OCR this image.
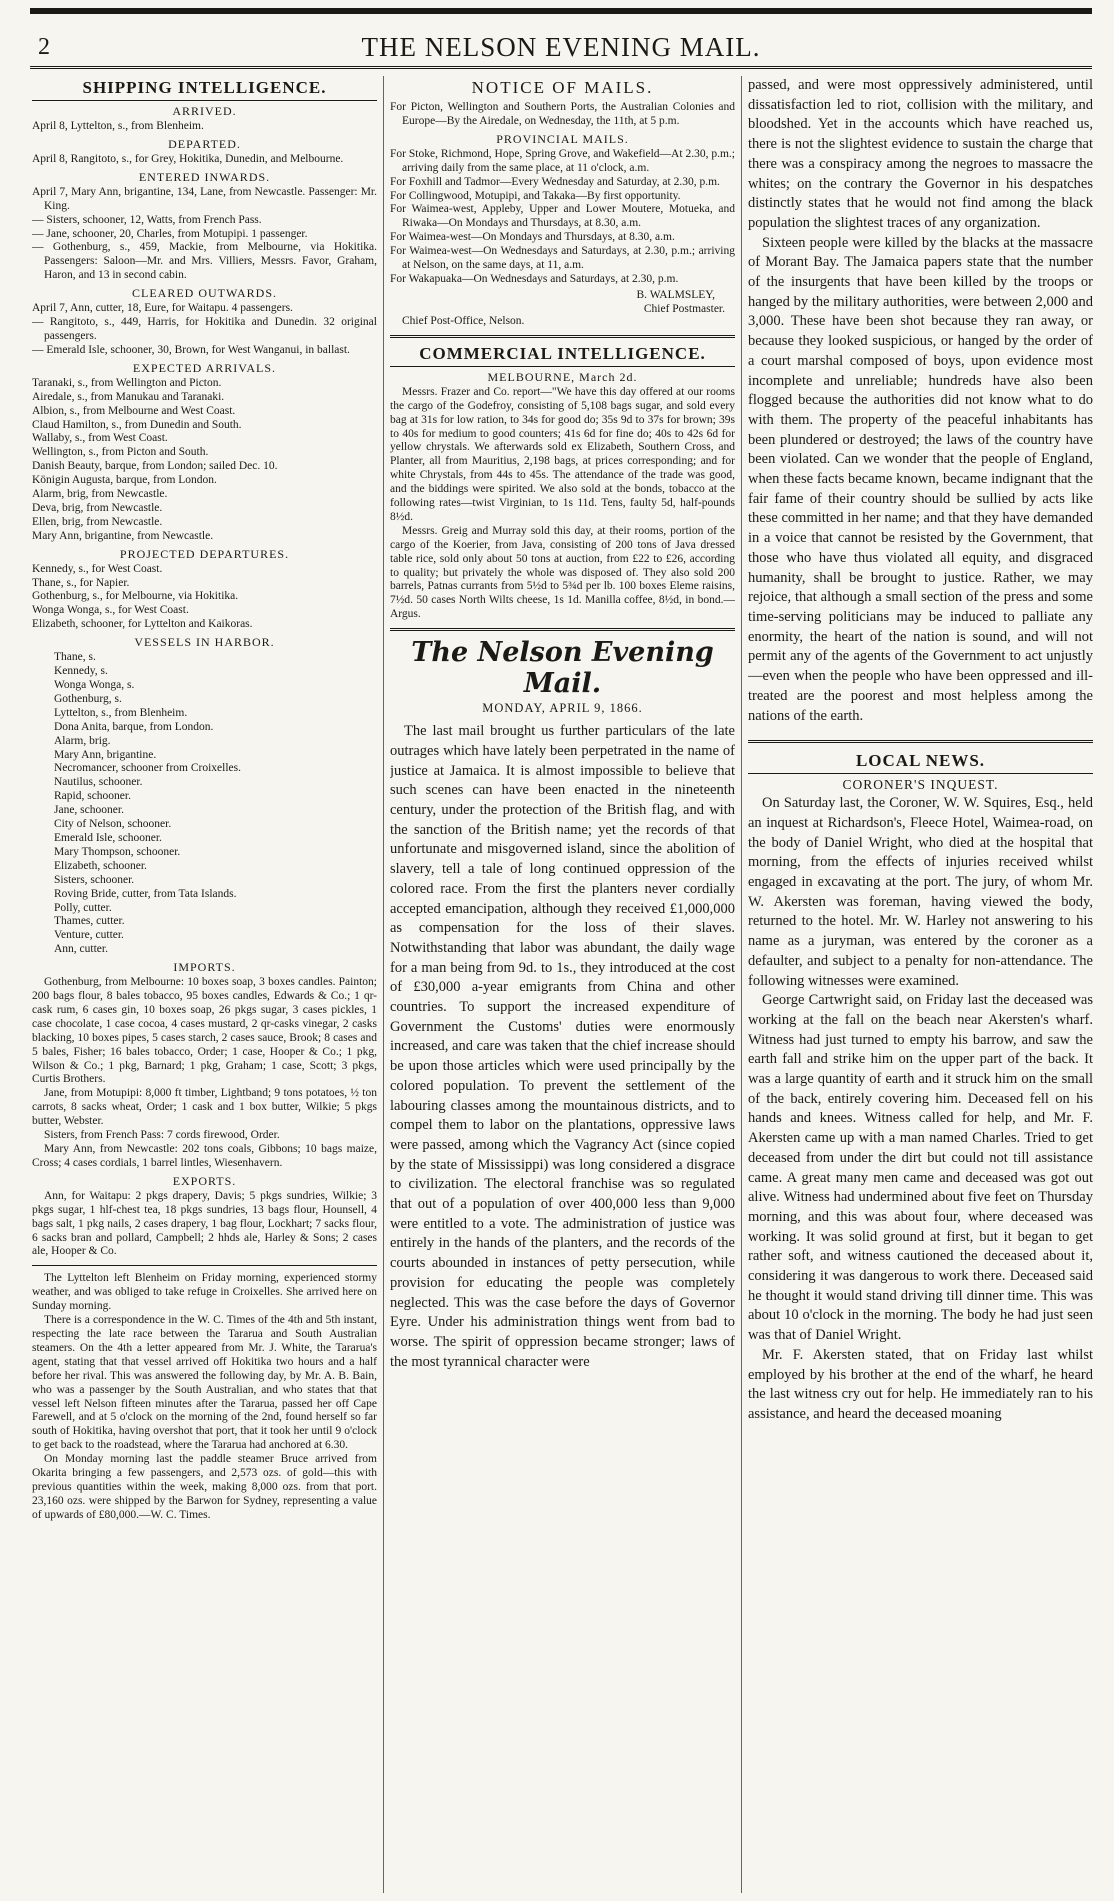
2	THE NELSON EVENING MAIL.
SHIPPING INTELLIGENCE.
ARRIVED.

April 8, Lyttelton, s., from Blenheim.

DEPARTED.

April 8, Rangitoto, s., for Grey, Hokitika, Dunedin, and Melbourne.

ENTERED INWARDS.

April 7, Mary Ann, brigantine, 134, Lane, from Newcastle. Passenger: Mr. King.

— Sisters, schooner, 12, Watts, from French Pass.

— Jane, schooner, 20, Charles, from Motupipi. 1 passenger.

— Gothenburg, s., 459, Mackie, from Melbourne, via Hokitika. Passengers: Saloon—Mr. and Mrs. Villiers, Messrs. Favor, Graham, Haron, and 13 in second cabin.

CLEARED OUTWARDS.

April 7, Ann, cutter, 18, Eure, for Waitapu. 4 passengers.

— Rangitoto, s., 449, Harris, for Hokitika and Dunedin. 32 original passengers.

— Emerald Isle, schooner, 30, Brown, for West Wanganui, in ballast.

EXPECTED ARRIVALS.

Taranaki, s., from Wellington and Picton.

Airedale, s., from Manukau and Taranaki.

Albion, s., from Melbourne and West Coast.

Claud Hamilton, s., from Dunedin and South.

Wallaby, s., from West Coast.

Wellington, s., from Picton and South.

Danish Beauty, barque, from London; sailed Dec. 10.

Königin Augusta, barque, from London.

Alarm, brig, from Newcastle.

Deva, brig, from Newcastle.

Ellen, brig, from Newcastle.

Mary Ann, brigantine, from Newcastle.

PROJECTED DEPARTURES.

Kennedy, s., for West Coast.

Thane, s., for Napier.

Gothenburg, s., for Melbourne, via Hokitika.

Wonga Wonga, s., for West Coast.

Elizabeth, schooner, for Lyttelton and Kaikoras.

VESSELS IN HARBOR.

Thane, s.

Kennedy, s.

Wonga Wonga, s.

Gothenburg, s.

Lyttelton, s., from Blenheim.

Dona Anita, barque, from London.

Alarm, brig.

Mary Ann, brigantine.

Necromancer, schooner from Croixelles.

Nautilus, schooner.

Rapid, schooner.

Jane, schooner.

City of Nelson, schooner.

Emerald Isle, schooner.

Mary Thompson, schooner.

Elizabeth, schooner.

Sisters, schooner.

Roving Bride, cutter, from Tata Islands.

Polly, cutter.

Thames, cutter.

Venture, cutter.

Ann, cutter.

IMPORTS.

Gothenburg, from Melbourne: 10 boxes soap, 3 boxes candles. Painton; 200 bags flour, 8 bales tobacco, 95 boxes candles, Edwards & Co.; 1 qr-cask rum, 6 cases gin, 10 boxes soap, 26 pkgs sugar, 3 cases pickles, 1 case chocolate, 1 case cocoa, 4 cases mustard, 2 qr-casks vinegar, 2 casks blacking, 10 boxes pipes, 5 cases starch, 2 cases sauce, Brook; 8 cases and 5 bales, Fisher; 16 bales tobacco, Order; 1 case, Hooper & Co.; 1 pkg, Wilson & Co.; 1 pkg, Barnard; 1 pkg, Graham; 1 case, Scott; 3 pkgs, Curtis Brothers.

Jane, from Motupipi: 8,000 ft timber, Lightband; 9 tons potatoes, ½ ton carrots, 8 sacks wheat, Order; 1 cask and 1 box butter, Wilkie; 5 pkgs butter, Webster.

Sisters, from French Pass: 7 cords firewood, Order.

Mary Ann, from Newcastle: 202 tons coals, Gibbons; 10 bags maize, Cross; 4 cases cordials, 1 barrel lintles, Wiesenhavern.

EXPORTS.

Ann, for Waitapu: 2 pkgs drapery, Davis; 5 pkgs sundries, Wilkie; 3 pkgs sugar, 1 hlf-chest tea, 18 pkgs sundries, 13 bags flour, Hounsell, 4 bags salt, 1 pkg nails, 2 cases drapery, 1 bag flour, Lockhart; 7 sacks flour, 6 sacks bran and pollard, Campbell; 2 hhds ale, Harley & Sons; 2 cases ale, Hooper & Co.

The Lyttelton left Blenheim on Friday morning, experienced stormy weather, and was obliged to take refuge in Croixelles. She arrived here on Sunday morning.

There is a correspondence in the W. C. Times of the 4th and 5th instant, respecting the late race between the Tararua and South Australian steamers. On the 4th a letter appeared from Mr. J. White, the Tararua's agent, stating that that vessel arrived off Hokitika two hours and a half before her rival. This was answered the following day, by Mr. A. B. Bain, who was a passenger by the South Australian, and who states that that vessel left Nelson fifteen minutes after the Tararua, passed her off Cape Farewell, and at 5 o'clock on the morning of the 2nd, found herself so far south of Hokitika, having overshot that port, that it took her until 9 o'clock to get back to the roadstead, where the Tararua had anchored at 6.30.

On Monday morning last the paddle steamer Bruce arrived from Okarita bringing a few passengers, and 2,573 ozs. of gold—this with previous quantities within the week, making 8,000 ozs. from that port. 23,160 ozs. were shipped by the Barwon for Sydney, representing a value of upwards of £80,000.—W. C. Times.

NOTICE OF MAILS.

For Picton, Wellington and Southern Ports, the Australian Colonies and Europe—By the Airedale, on Wednesday, the 11th, at 5 p.m.

PROVINCIAL MAILS.

For Stoke, Richmond, Hope, Spring Grove, and Wakefield—At 2.30, p.m.; arriving daily from the same place, at 11 o'clock, a.m.

For Foxhill and Tadmor—Every Wednesday and Saturday, at 2.30, p.m.

For Collingwood, Motupipi, and Takaka—By first opportunity.

For Waimea-west, Appleby, Upper and Lower Moutere, Motueka, and Riwaka—On Mondays and Thursdays, at 8.30, a.m.

For Waimea-west—On Mondays and Thursdays, at 8.30, a.m.

For Waimea-west—On Wednesdays and Saturdays, at 2.30, p.m.; arriving at Nelson, on the same days, at 11, a.m.

For Wakapuaka—On Wednesdays and Saturdays, at 2.30, p.m.

B. WALMSLEY,

Chief Postmaster.

Chief Post-Office, Nelson.

COMMERCIAL INTELLIGENCE.
MELBOURNE, March 2d.

Messrs. Frazer and Co. report—"We have this day offered at our rooms the cargo of the Godefroy, consisting of 5,108 bags sugar, and sold every bag at 31s for low ration, to 34s for good do; 35s 9d to 37s for brown; 39s to 40s for medium to good counters; 41s 6d for fine do; 40s to 42s 6d for yellow chrystals. We afterwards sold ex Elizabeth, Southern Cross, and Planter, all from Mauritius, 2,198 bags, at prices corresponding; and for white Chrystals, from 44s to 45s. The attendance of the trade was good, and the biddings were spirited. We also sold at the bonds, tobacco at the following rates—twist Virginian, to 1s 11d. Tens, faulty 5d, half-pounds 8½d.

Messrs. Greig and Murray sold this day, at their rooms, portion of the cargo of the Koerier, from Java, consisting of 200 tons of Java dressed table rice, sold only about 50 tons at auction, from £22 to £26, according to quality; but privately the whole was disposed of. They also sold 200 barrels, Patnas currants from 5½d to 5¾d per lb. 100 boxes Eleme raisins, 7½d. 50 cases North Wilts cheese, 1s 1d. Manilla coffee, 8½d, in bond.—Argus.

The Nelson Evening Mail.
MONDAY, APRIL 9, 1866.

The last mail brought us further particulars of the late outrages which have lately been perpetrated in the name of justice at Jamaica. It is almost impossible to believe that such scenes can have been enacted in the nineteenth century, under the protection of the British flag, and with the sanction of the British name; yet the records of that unfortunate and misgoverned island, since the abolition of slavery, tell a tale of long continued oppression of the colored race. From the first the planters never cordially accepted emancipation, although they received £1,000,000 as compensation for the loss of their slaves. Notwithstanding that labor was abundant, the daily wage for a man being from 9d. to 1s., they introduced at the cost of £30,000 a-year emigrants from China and other countries. To support the increased expenditure of Government the Customs' duties were enormously increased, and care was taken that the chief increase should be upon those articles which were used principally by the colored population. To prevent the settlement of the labouring classes among the mountainous districts, and to compel them to labor on the plantations, oppressive laws were passed, among which the Vagrancy Act (since copied by the state of Mississippi) was long considered a disgrace to civilization. The electoral franchise was so regulated that out of a population of over 400,000 less than 9,000 were entitled to a vote. The administration of justice was entirely in the hands of the planters, and the records of the courts abounded in instances of petty persecution, while provision for educating the people was completely neglected. This was the case before the days of Governor Eyre. Under his administration things went from bad to worse. The spirit of oppression became stronger; laws of the most tyrannical character were

passed, and were most oppressively administered, until dissatisfaction led to riot, collision with the military, and bloodshed. Yet in the accounts which have reached us, there is not the slightest evidence to sustain the charge that there was a conspiracy among the negroes to massacre the whites; on the contrary the Governor in his despatches distinctly states that he would not find among the black population the slightest traces of any organization.

Sixteen people were killed by the blacks at the massacre of Morant Bay. The Jamaica papers state that the number of the insurgents that have been killed by the troops or hanged by the military authorities, were between 2,000 and 3,000. These have been shot because they ran away, or because they looked suspicious, or hanged by the order of a court marshal composed of boys, upon evidence most incomplete and unreliable; hundreds have also been flogged because the authorities did not know what to do with them. The property of the peaceful inhabitants has been plundered or destroyed; the laws of the country have been violated. Can we wonder that the people of England, when these facts became known, became indignant that the fair fame of their country should be sullied by acts like these committed in her name; and that they have demanded in a voice that cannot be resisted by the Government, that those who have thus violated all equity, and disgraced humanity, shall be brought to justice. Rather, we may rejoice, that although a small section of the press and some time-serving politicians may be induced to palliate any enormity, the heart of the nation is sound, and will not permit any of the agents of the Government to act unjustly—even when the people who have been oppressed and ill-treated are the poorest and most helpless among the nations of the earth.

LOCAL NEWS.
CORONER'S INQUEST.

On Saturday last, the Coroner, W. W. Squires, Esq., held an inquest at Richardson's, Fleece Hotel, Waimea-road, on the body of Daniel Wright, who died at the hospital that morning, from the effects of injuries received whilst engaged in excavating at the port. The jury, of whom Mr. W. Akersten was foreman, having viewed the body, returned to the hotel. Mr. W. Harley not answering to his name as a juryman, was entered by the coroner as a defaulter, and subject to a penalty for non-attendance. The following witnesses were examined.

George Cartwright said, on Friday last the deceased was working at the fall on the beach near Akersten's wharf. Witness had just turned to empty his barrow, and saw the earth fall and strike him on the upper part of the back. It was a large quantity of earth and it struck him on the small of the back, entirely covering him. Deceased fell on his hands and knees. Witness called for help, and Mr. F. Akersten came up with a man named Charles. Tried to get deceased from under the dirt but could not till assistance came. A great many men came and deceased was got out alive. Witness had undermined about five feet on Thursday morning, and this was about four, where deceased was working. It was solid ground at first, but it began to get rather soft, and witness cautioned the deceased about it, considering it was dangerous to work there. Deceased said he thought it would stand driving till dinner time. This was about 10 o'clock in the morning. The body he had just seen was that of Daniel Wright.

Mr. F. Akersten stated, that on Friday last whilst employed by his brother at the end of the wharf, he heard the last witness cry out for help. He immediately ran to his assistance, and heard the deceased moaning
